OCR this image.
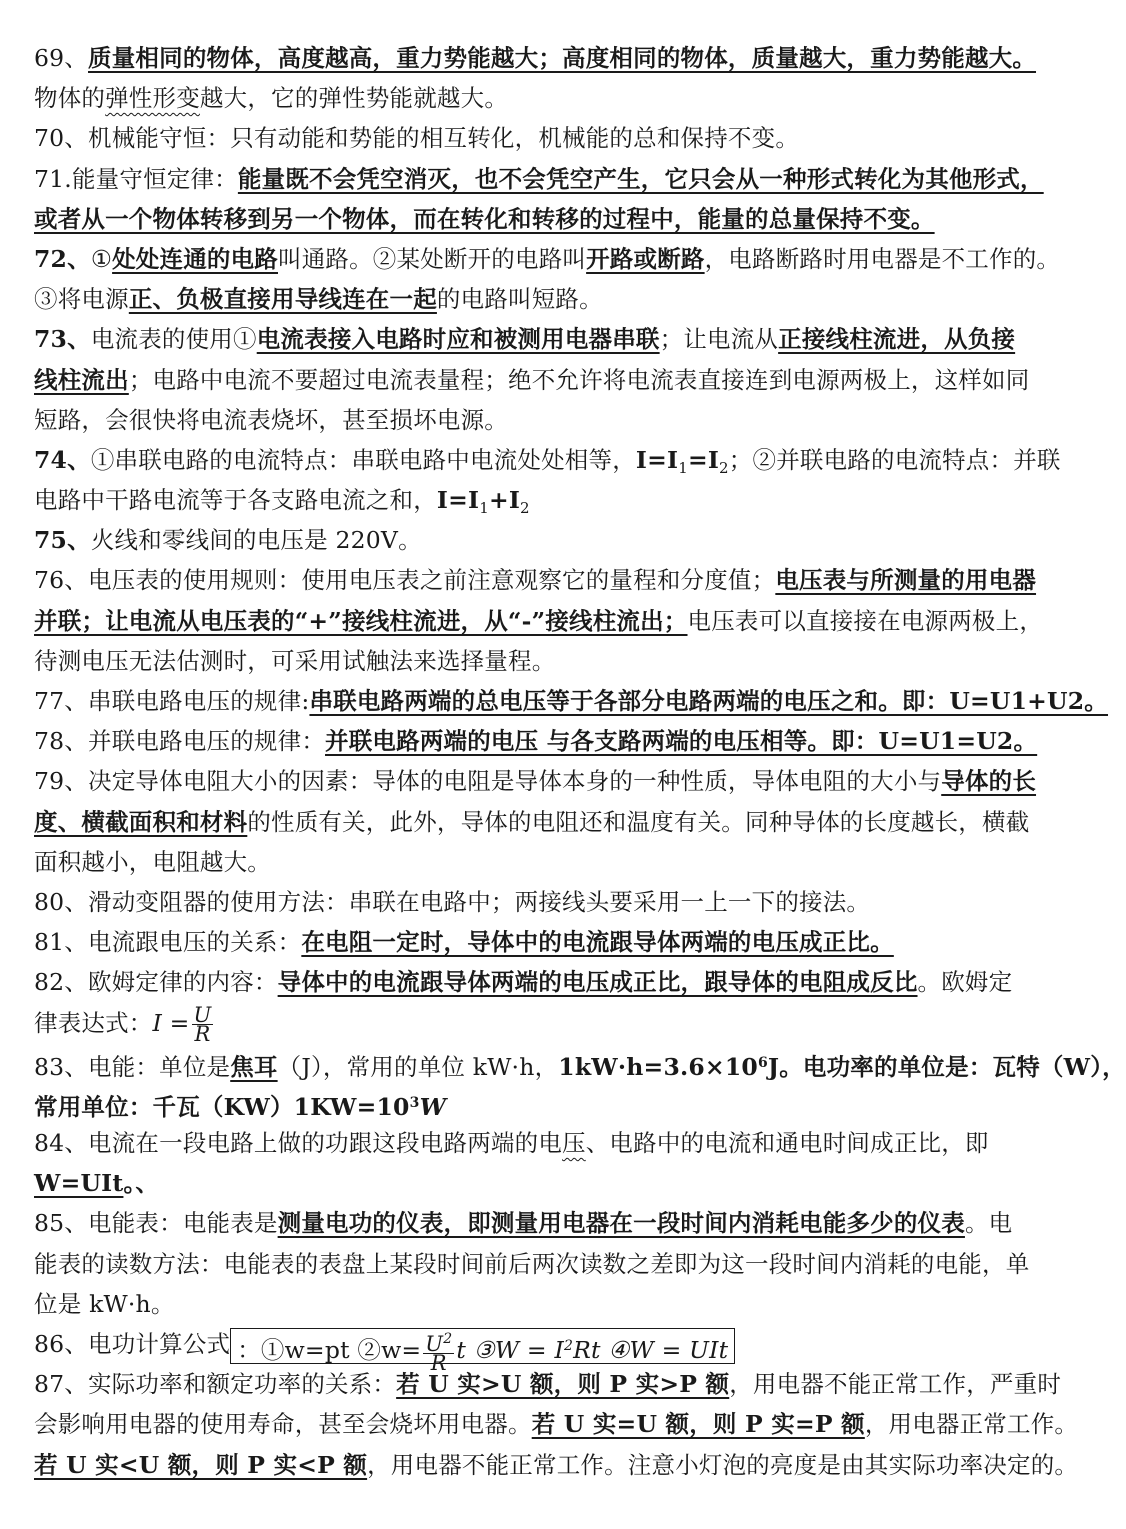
69、质量相同的物体，高度越高，重力势能越大；高度相同的物体，质量越大，重力势能越大。
物体的弹性形变越大，它的弹性势能就越大。
70、机械能守恒：只有动能和势能的相互转化，机械能的总和保持不变。
71.能量守恒定律：能量既不会凭空消灭，也不会凭空产生，它只会从一种形式转化为其他形式，
或者从一个物体转移到另一个物体，而在转化和转移的过程中，能量的总量保持不变。
72、①处处连通的电路叫通路。②某处断开的电路叫开路或断路，电路断路时用电器是不工作的。
③将电源正、负极直接用导线连在一起的电路叫短路。
73、电流表的使用①电流表接入电路时应和被测用电器串联；让电流从正接线柱流进，从负接
线柱流出；电路中电流不要超过电流表量程；绝不允许将电流表直接连到电源两极上，这样如同
短路，会很快将电流表烧坏，甚至损坏电源。
74、①串联电路的电流特点：串联电路中电流处处相等，$I=I_1=I_2$；②并联电路的电流特点：并联
电路中干路电流等于各支路电流之和，$I=I_1+I_2$
75、火线和零线间的电压是 220V。
76、电压表的使用规则：使用电压表之前注意观察它的量程和分度值；电压表与所测量的用电器
并联；让电流从电压表的“+”接线柱流进，从“-”接线柱流出；电压表可以直接接在电源两极上，
待测电压无法估测时，可采用试触法来选择量程。
77、串联电路电压的规律:串联电路两端的总电压等于各部分电路两端的电压之和。即：U=U1+U2。
78、并联电路电压的规律：并联电路两端的电压 与各支路两端的电压相等。即：U=U1=U2。
79、决定导体电阻大小的因素：导体的电阻是导体本身的一种性质，导体电阻的大小与导体的长
度、横截面积和材料的性质有关，此外，导体的电阻还和温度有关。同种导体的长度越长，横截
面积越小，电阻越大。
80、滑动变阻器的使用方法：串联在电路中；两接线头要采用一上一下的接法。
81、电流跟电压的关系：在电阻一定时，导体中的电流跟导体两端的电压成正比。
82、欧姆定律的内容：导体中的电流跟导体两端的电压成正比，跟导体的电阻成反比。欧姆定
律表达式：$I = \frac{U}{R}$
83、电能：单位是焦耳（J），常用的单位 kW·h，$1kW\cdot h=3.6\times 10^6J$。电功率的单位是：瓦特（W），
常用单位：千瓦$(KW)1KW=10^3W$
84、电流在一段电路上做的功跟这段电路两端的电压、电路中的电流和通电时间成正比，即
W=UIt。、
85、电能表：电能表是测量电功的仪表，即测量用电器在一段时间内消耗电能多少的仪表。电
能表的读数方法：电能表的表盘上某段时间前后两次读数之差即为这一段时间内消耗的电能，单
位是 kW·h。
86、电功计算公式 ：①w=pt ②w= $\frac{U^2}{R}$ t ③W = $I^2Rt$ ④W = UIt
87、实际功率和额定功率的关系：若 U 实>U 额，则 P 实>P 额，用电器不能正常工作，严重时
会影响用电器的使用寿命，甚至会烧坏用电器。若 U 实=U 额，则 P 实=P 额，用电器正常工作。
若 U 实<U 额，则 P 实<P 额，用电器不能正常工作。注意小灯泡的亮度是由其实际功率决定的。
